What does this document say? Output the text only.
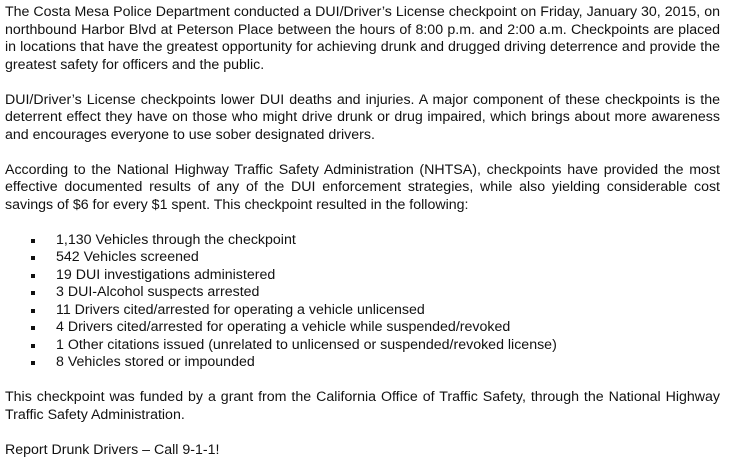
The Costa Mesa Police Department conducted a DUI/Driver’s License checkpoint on Friday, January 30, 2015, on northbound Harbor Blvd at Peterson Place between the hours of 8:00 p.m. and 2:00 a.m. Checkpoints are placed in locations that have the greatest opportunity for achieving drunk and drugged driving deterrence and provide the greatest safety for officers and the public.

DUI/Driver’s License checkpoints lower DUI deaths and injuries. A major component of these checkpoints is the deterrent effect they have on those who might drive drunk or drug impaired, which brings about more awareness and encourages everyone to use sober designated drivers.

According to the National Highway Traffic Safety Administration (NHTSA), checkpoints have provided the most effective documented results of any of the DUI enforcement strategies, while also yielding considerable cost savings of $6 for every $1 spent. This checkpoint resulted in the following:

1,130 Vehicles through the checkpoint
542 Vehicles screened
19 DUI investigations administered
3 DUI-Alcohol suspects arrested
11 Drivers cited/arrested for operating a vehicle unlicensed
4 Drivers cited/arrested for operating a vehicle while suspended/revoked
1 Other citations issued (unrelated to unlicensed or suspended/revoked license)
8 Vehicles stored or impounded

This checkpoint was funded by a grant from the California Office of Traffic Safety, through the National Highway Traffic Safety Administration.

Report Drunk Drivers – Call 9-1-1!
